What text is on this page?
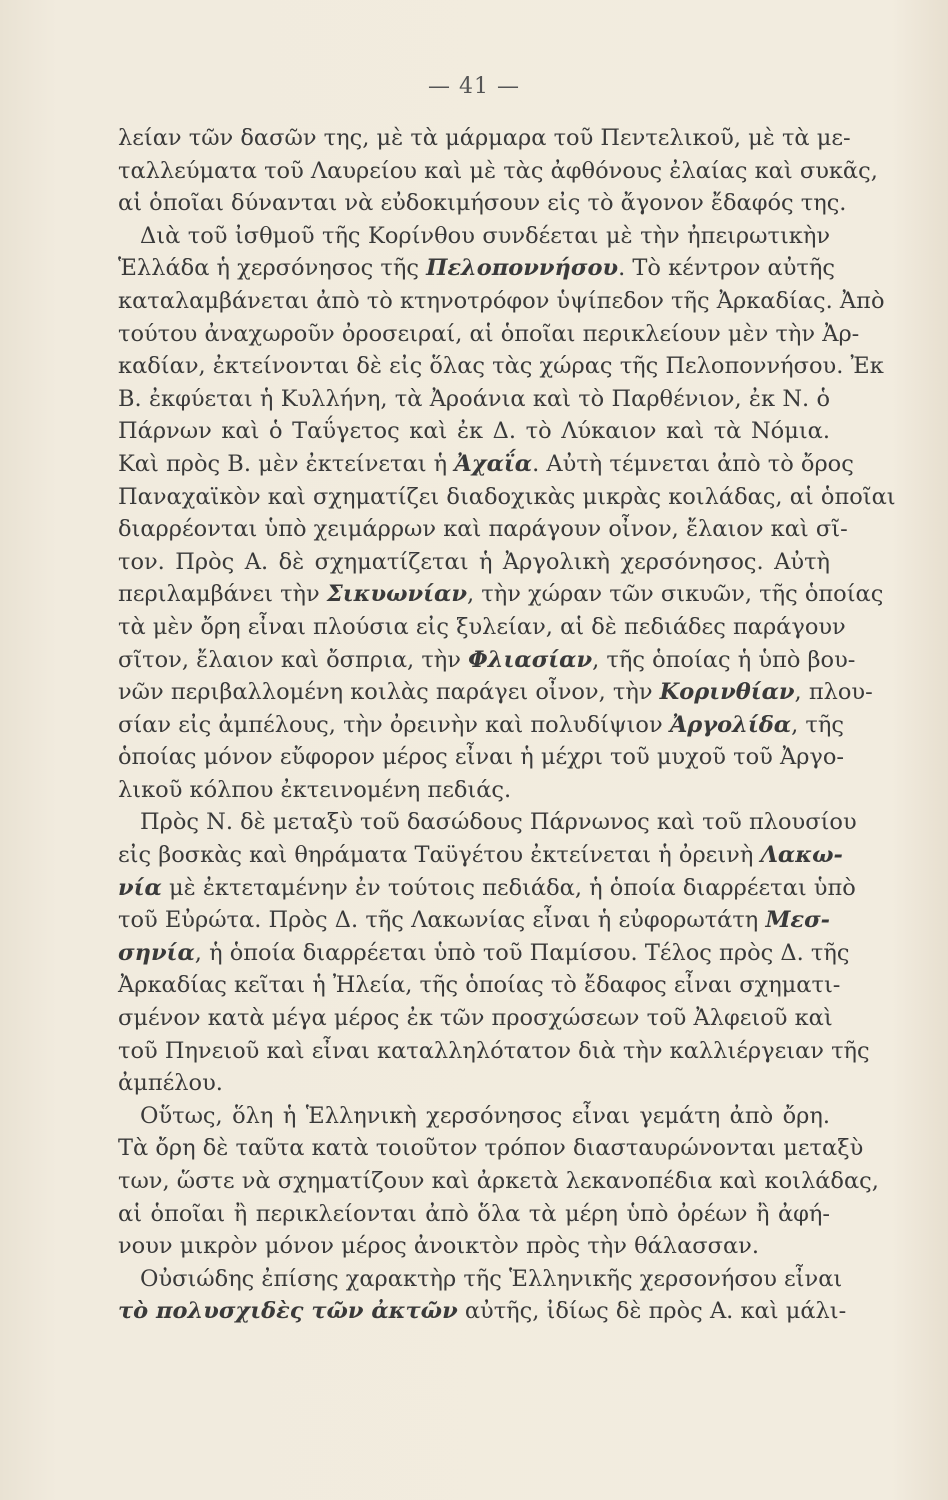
— 41 —
λείαν τῶν δασῶν της, μὲ τὰ μάρμαρα τοῦ Πεντελικοῦ, μὲ τὰ με-
ταλλεύματα τοῦ Λαυρείου καὶ μὲ τὰς ἀφθόνους ἐλαίας καὶ συκᾶς,
αἱ ὁποῖαι δύνανται νὰ εὐδοκιμήσουν εἰς τὸ ἄγονον ἔδαφός της.
Διὰ τοῦ ἰσθμοῦ τῆς Κορίνθου συνδέεται μὲ τὴν ἠπειρωτικὴν
Ἑλλάδα ἡ χερσόνησος τῆς Πελοποννήσου. Τὸ κέντρον αὐτῆς
καταλαμβάνεται ἀπὸ τὸ κτηνοτρόφον ὑψίπεδον τῆς Ἀρκαδίας. Ἀπὸ
τούτου ἀναχωροῦν ὀροσειραί, αἱ ὁποῖαι περικλείουν μὲν τὴν Ἀρ-
καδίαν, ἐκτείνονται δὲ εἰς ὅλας τὰς χώρας τῆς Πελοποννήσου. Ἐκ
Β. ἐκφύεται ἡ Κυλλήνη, τὰ Ἀροάνια καὶ τὸ Παρθένιον, ἐκ Ν. ὁ
Πάρνων καὶ ὁ Ταΰγετος καὶ ἐκ Δ. τὸ Λύκαιον καὶ τὰ Νόμια.
Καὶ πρὸς Β. μὲν ἐκτείνεται ἡ Ἀχαΐα. Αὐτὴ τέμνεται ἀπὸ τὸ ὄρος
Παναχαϊκὸν καὶ σχηματίζει διαδοχικὰς μικρὰς κοιλάδας, αἱ ὁποῖαι
διαρρέονται ὑπὸ χειμάρρων καὶ παράγουν οἶνον, ἔλαιον καὶ σῖ-
τον. Πρὸς Α. δὲ σχηματίζεται ἡ Ἀργολικὴ χερσόνησος. Αὐτὴ
περιλαμβάνει τὴν Σικυωνίαν, τὴν χώραν τῶν σικυῶν, τῆς ὁποίας
τὰ μὲν ὄρη εἶναι πλούσια εἰς ξυλείαν, αἱ δὲ πεδιάδες παράγουν
σῖτον, ἔλαιον καὶ ὄσπρια, τὴν Φλιασίαν, τῆς ὁποίας ἡ ὑπὸ βου-
νῶν περιβαλλομένη κοιλὰς παράγει οἶνον, τὴν Κορινθίαν, πλου-
σίαν εἰς ἀμπέλους, τὴν ὀρεινὴν καὶ πολυδίψιον Ἀργολίδα, τῆς
ὁποίας μόνον εὔφορον μέρος εἶναι ἡ μέχρι τοῦ μυχοῦ τοῦ Ἀργο-
λικοῦ κόλπου ἐκτεινομένη πεδιάς.
Πρὸς Ν. δὲ μεταξὺ τοῦ δασώδους Πάρνωνος καὶ τοῦ πλουσίου
εἰς βοσκὰς καὶ θηράματα Ταϋγέτου ἐκτείνεται ἡ ὀρεινὴ Λακω-
νία μὲ ἐκτεταμένην ἐν τούτοις πεδιάδα, ἡ ὁποία διαρρέεται ὑπὸ
τοῦ Εὐρώτα. Πρὸς Δ. τῆς Λακωνίας εἶναι ἡ εὐφορωτάτη Μεσ-
σηνία, ἡ ὁποία διαρρέεται ὑπὸ τοῦ Παμίσου. Τέλος πρὸς Δ. τῆς
Ἀρκαδίας κεῖται ἡ Ἠλεία, τῆς ὁποίας τὸ ἔδαφος εἶναι σχηματι-
σμένον κατὰ μέγα μέρος ἐκ τῶν προσχώσεων τοῦ Ἀλφειοῦ καὶ
τοῦ Πηνειοῦ καὶ εἶναι καταλληλότατον διὰ τὴν καλλιέργειαν τῆς
ἀμπέλου.
Οὕτως, ὅλη ἡ Ἑλληνικὴ χερσόνησος εἶναι γεμάτη ἀπὸ ὄρη.
Τὰ ὄρη δὲ ταῦτα κατὰ τοιοῦτον τρόπον διασταυρώνονται μεταξὺ
των, ὥστε νὰ σχηματίζουν καὶ ἀρκετὰ λεκανοπέδια καὶ κοιλάδας,
αἱ ὁποῖαι ἢ περικλείονται ἀπὸ ὅλα τὰ μέρη ὑπὸ ὀρέων ἢ ἀφή-
νουν μικρὸν μόνον μέρος ἀνοικτὸν πρὸς τὴν θάλασσαν.
Οὐσιώδης ἐπίσης χαρακτὴρ τῆς Ἑλληνικῆς χερσονήσου εἶναι
τὸ πολυσχιδὲς τῶν ἀκτῶν αὐτῆς, ἰδίως δὲ πρὸς Α. καὶ μάλι-
